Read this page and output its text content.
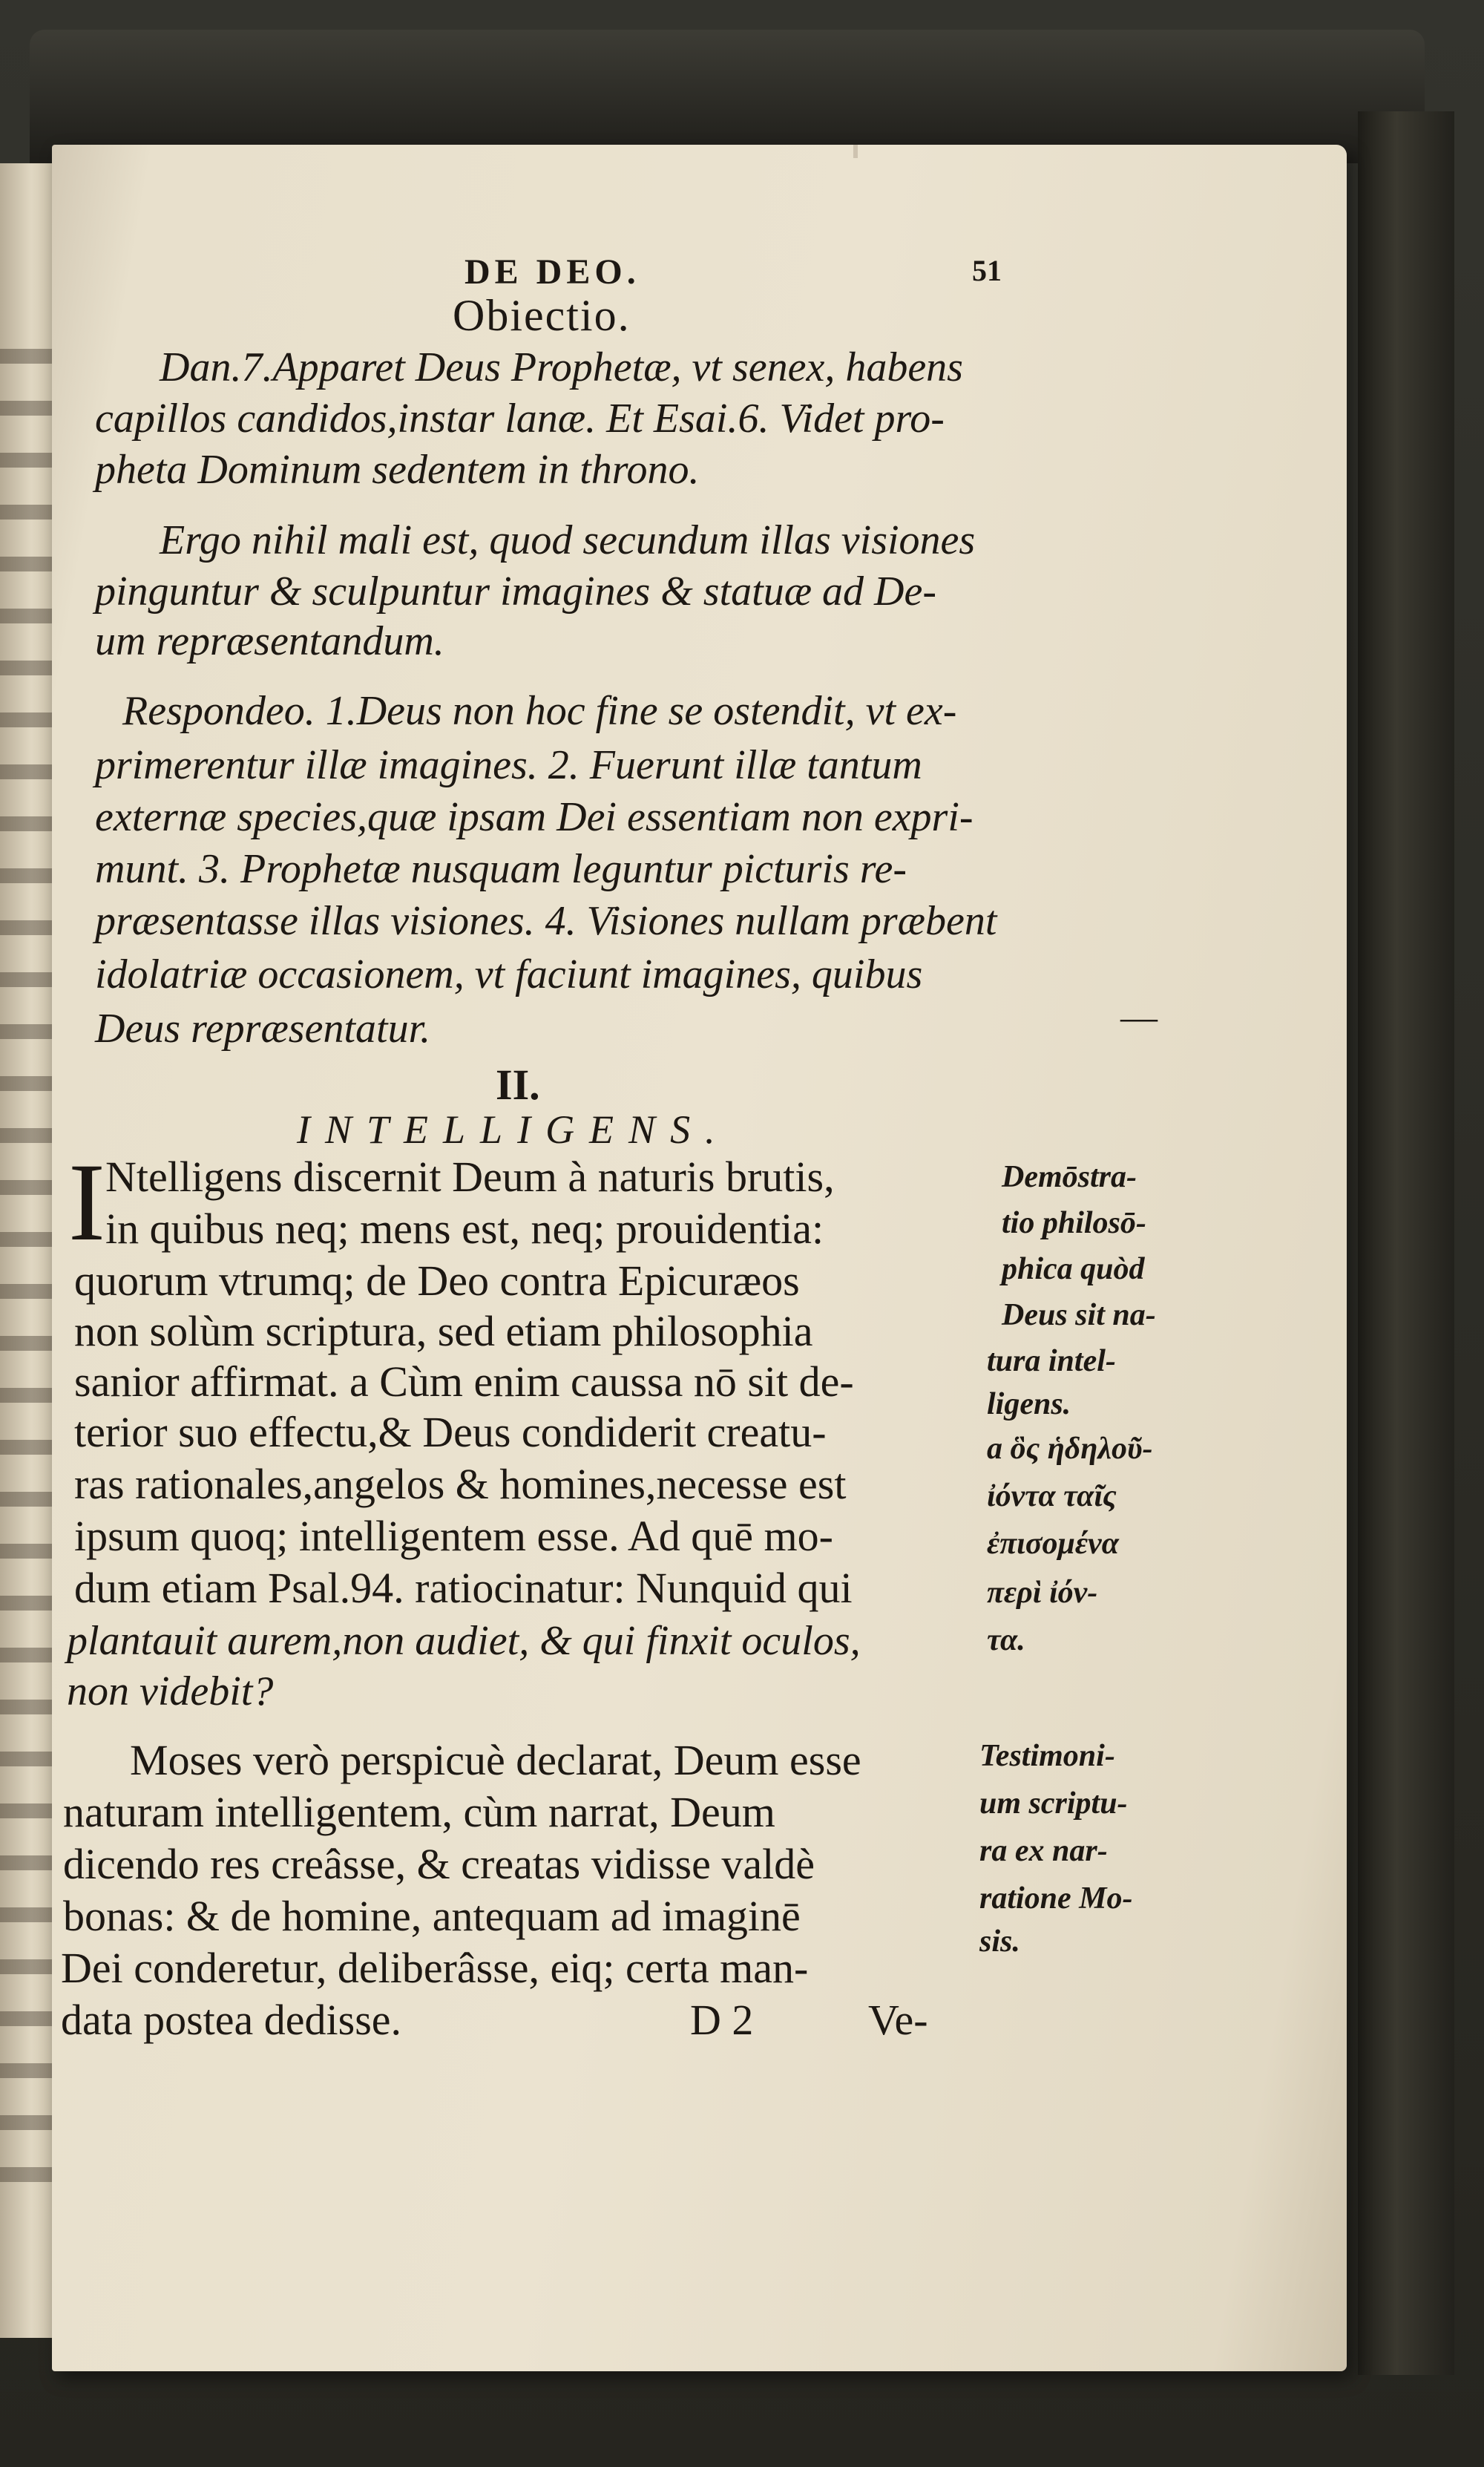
DE DEO.	51
Obiectio.
Dan.7.Apparet Deus Prophetæ, vt senex, habens
capillos candidos,instar lanæ. Et Esai.6. Videt pro-
pheta Dominum sedentem in throno.
Ergo nihil mali est, quod secundum illas visiones
pinguntur & sculpuntur imagines & statuæ ad De-
um repræsentandum.
Respondeo. 1.Deus non hoc fine se ostendit, vt ex-
primerentur illæ imagines. 2. Fuerunt illæ tantum
externæ species,quæ ipsam Dei essentiam non expri-
munt. 3. Prophetæ nusquam leguntur picturis re-
præsentasse illas visiones. 4. Visiones nullam præbent
idolatriæ occasionem, vt faciunt imagines, quibus
Deus repræsentatur.	—
II.
INTELLIGENS.
I Ntelligens discernit Deum à naturis brutis,
in quibus neq; mens est, neq; prouidentia:
quorum vtrumq; de Deo contra Epicuræos
non solùm scriptura, sed etiam philosophia
sanior affirmat. a Cùm enim caussa nō sit de-
terior suo effectu,& Deus condiderit creatu-
ras rationales,angelos & homines,necesse est
ipsum quoq; intelligentem esse. Ad quē mo-
dum etiam Psal.94. ratiocinatur: Nunquid qui
plantauit aurem,non audiet, & qui finxit oculos,
non videbit?
Moses verò perspicuè declarat, Deum esse
naturam intelligentem, cùm narrat, Deum
dicendo res creâsse, & creatas vidisse valdè
bonas: & de homine, antequam ad imaginē
Dei conderetur, deliberâsse, eiq; certa man-
data postea dedisse.	D 2	Ve-
Demōstra-
tio philosō-
phica quòd
Deus sit na-
tura intel-
ligens.
a ὃς ἡδηλοῦ-
ἰόντα ταῖς
ἐπισομένα
περὶ ἰόν-
τα.
Testimoni-
um scriptu-
ra ex nar-
ratione Mo-
sis.
